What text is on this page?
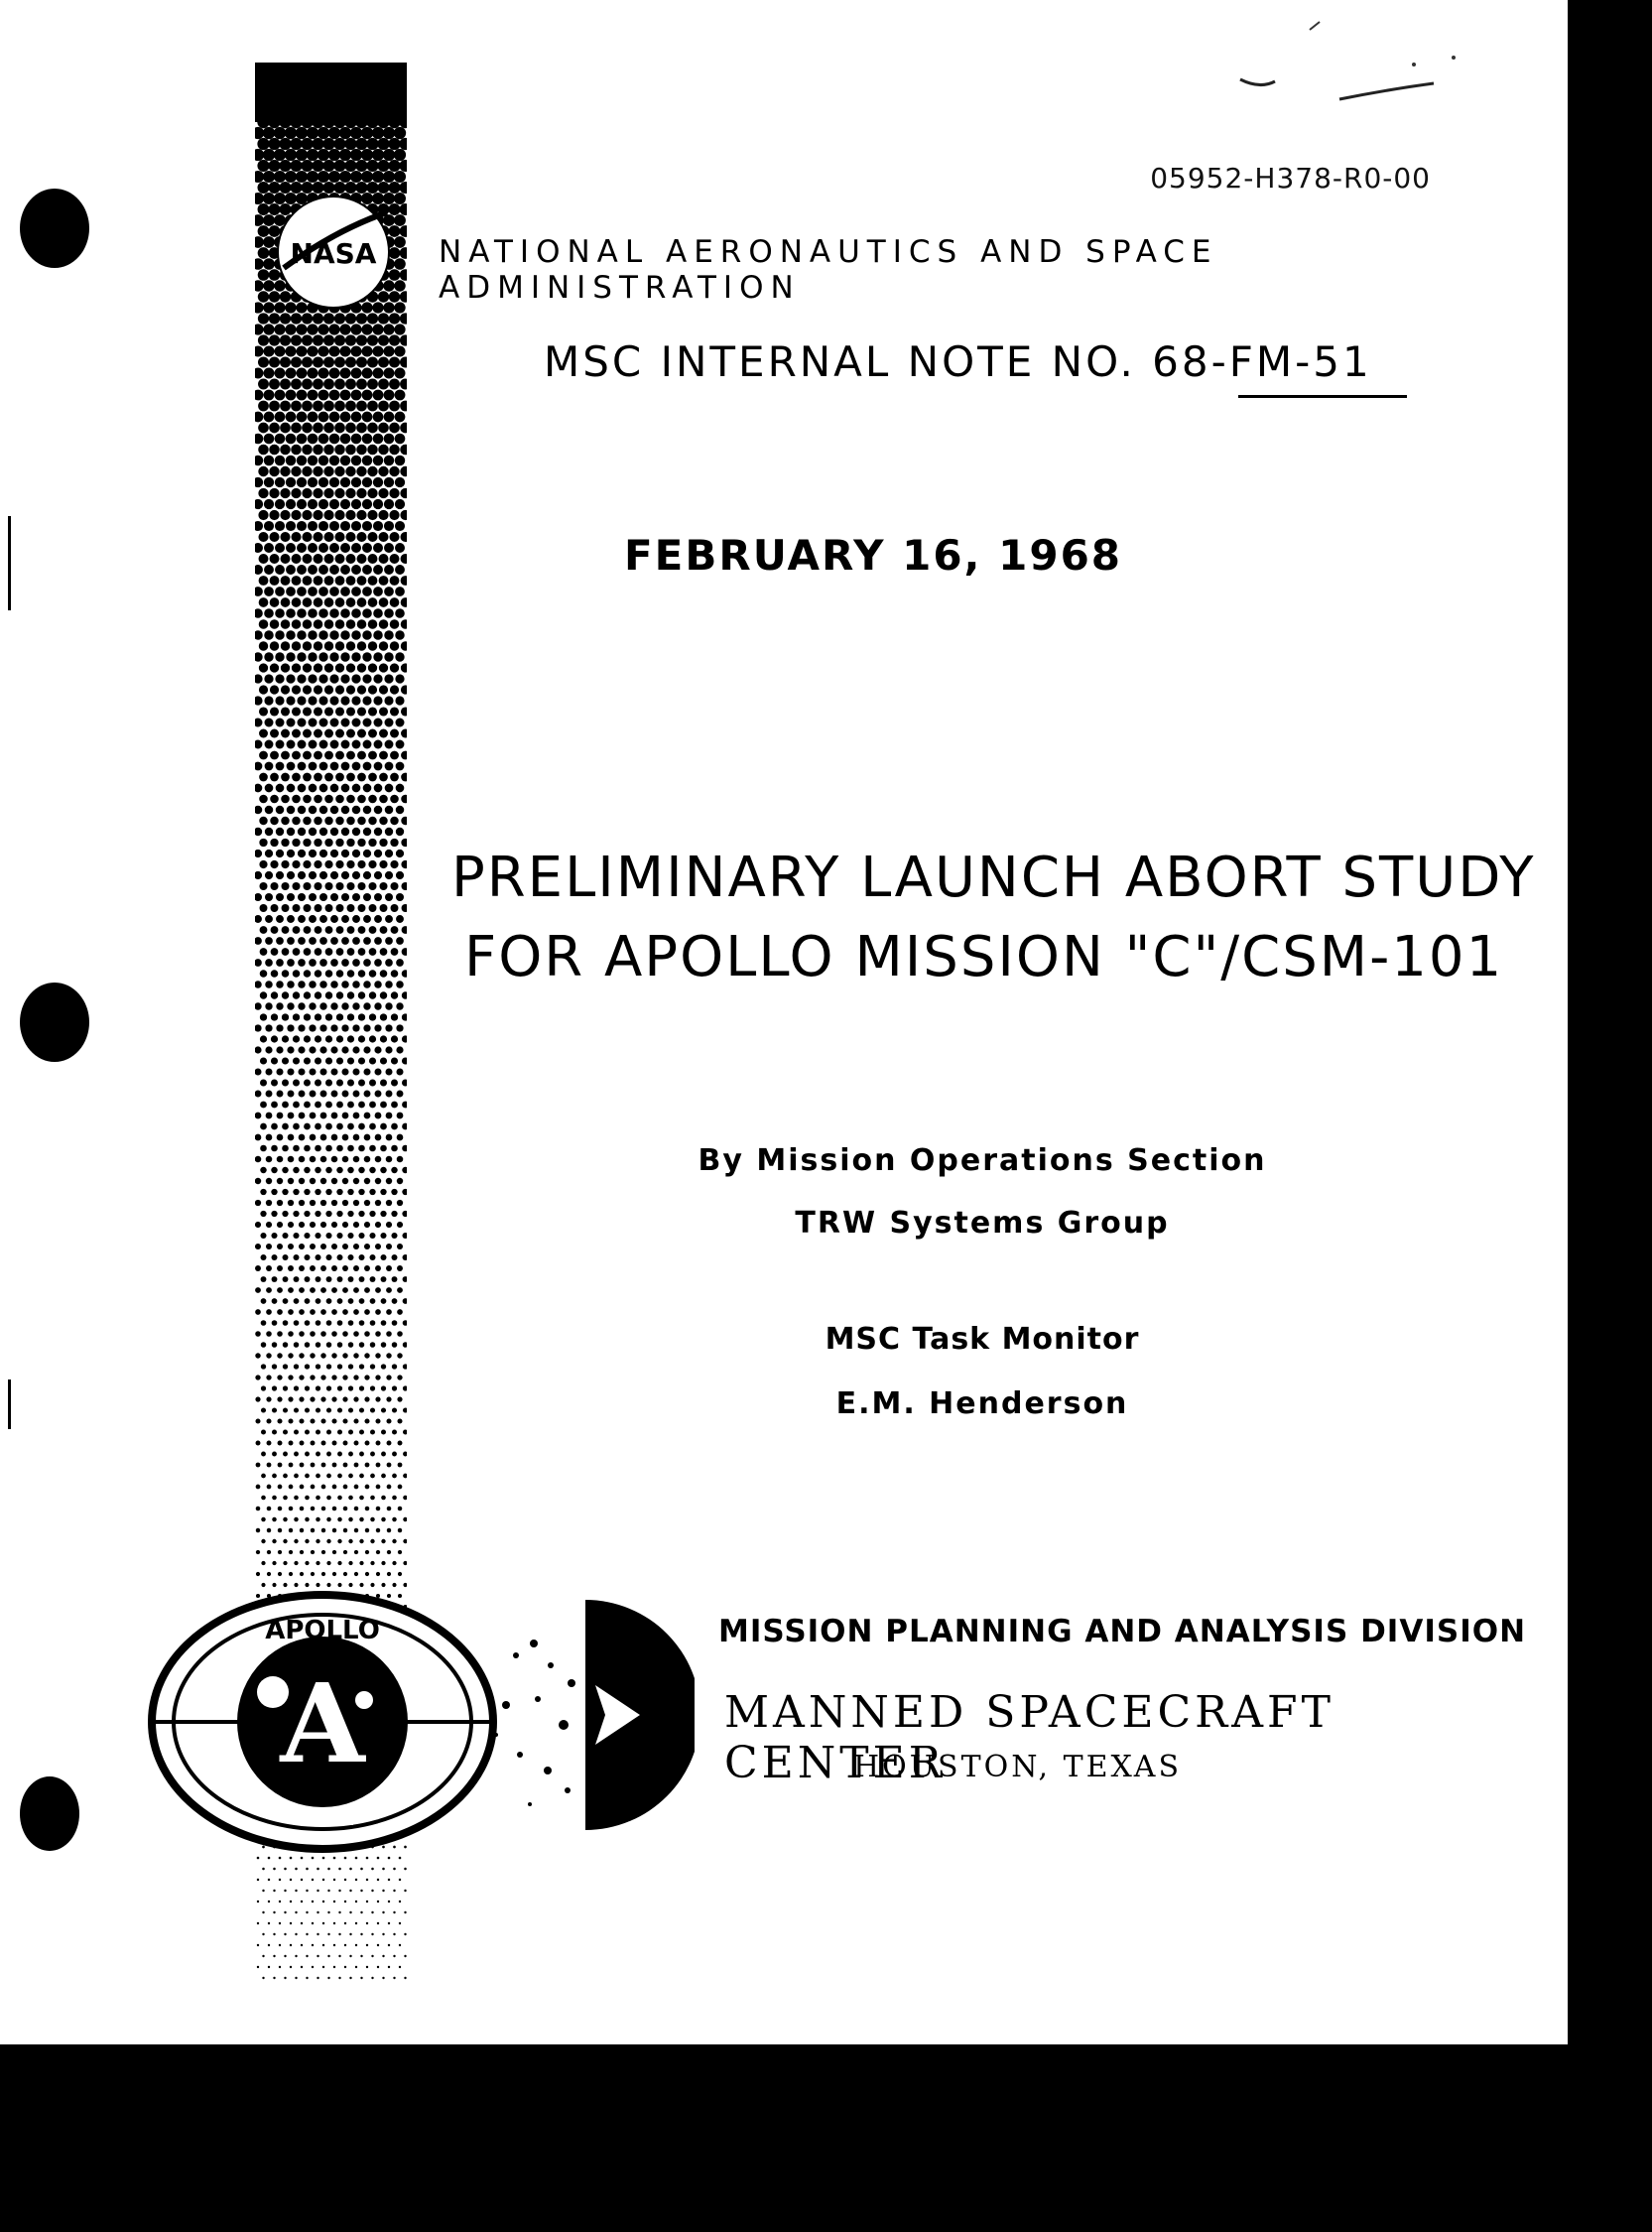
05952-H378-R0-00
NASA NATIONAL AERONAUTICS AND SPACE ADMINISTRATION
MSC INTERNAL NOTE NO. 68-FM-51
FEBRUARY 16, 1968
PRELIMINARY LAUNCH ABORT STUDY
FOR APOLLO MISSION "C"/CSM-101
By Mission Operations Section
TRW Systems Group
MSC Task Monitor
E.M. Henderson
A
APOLLO
NASA
MISSION PLANNING AND ANALYSIS DIVISION
MANNED SPACECRAFT CENTER
HOUSTON, TEXAS
